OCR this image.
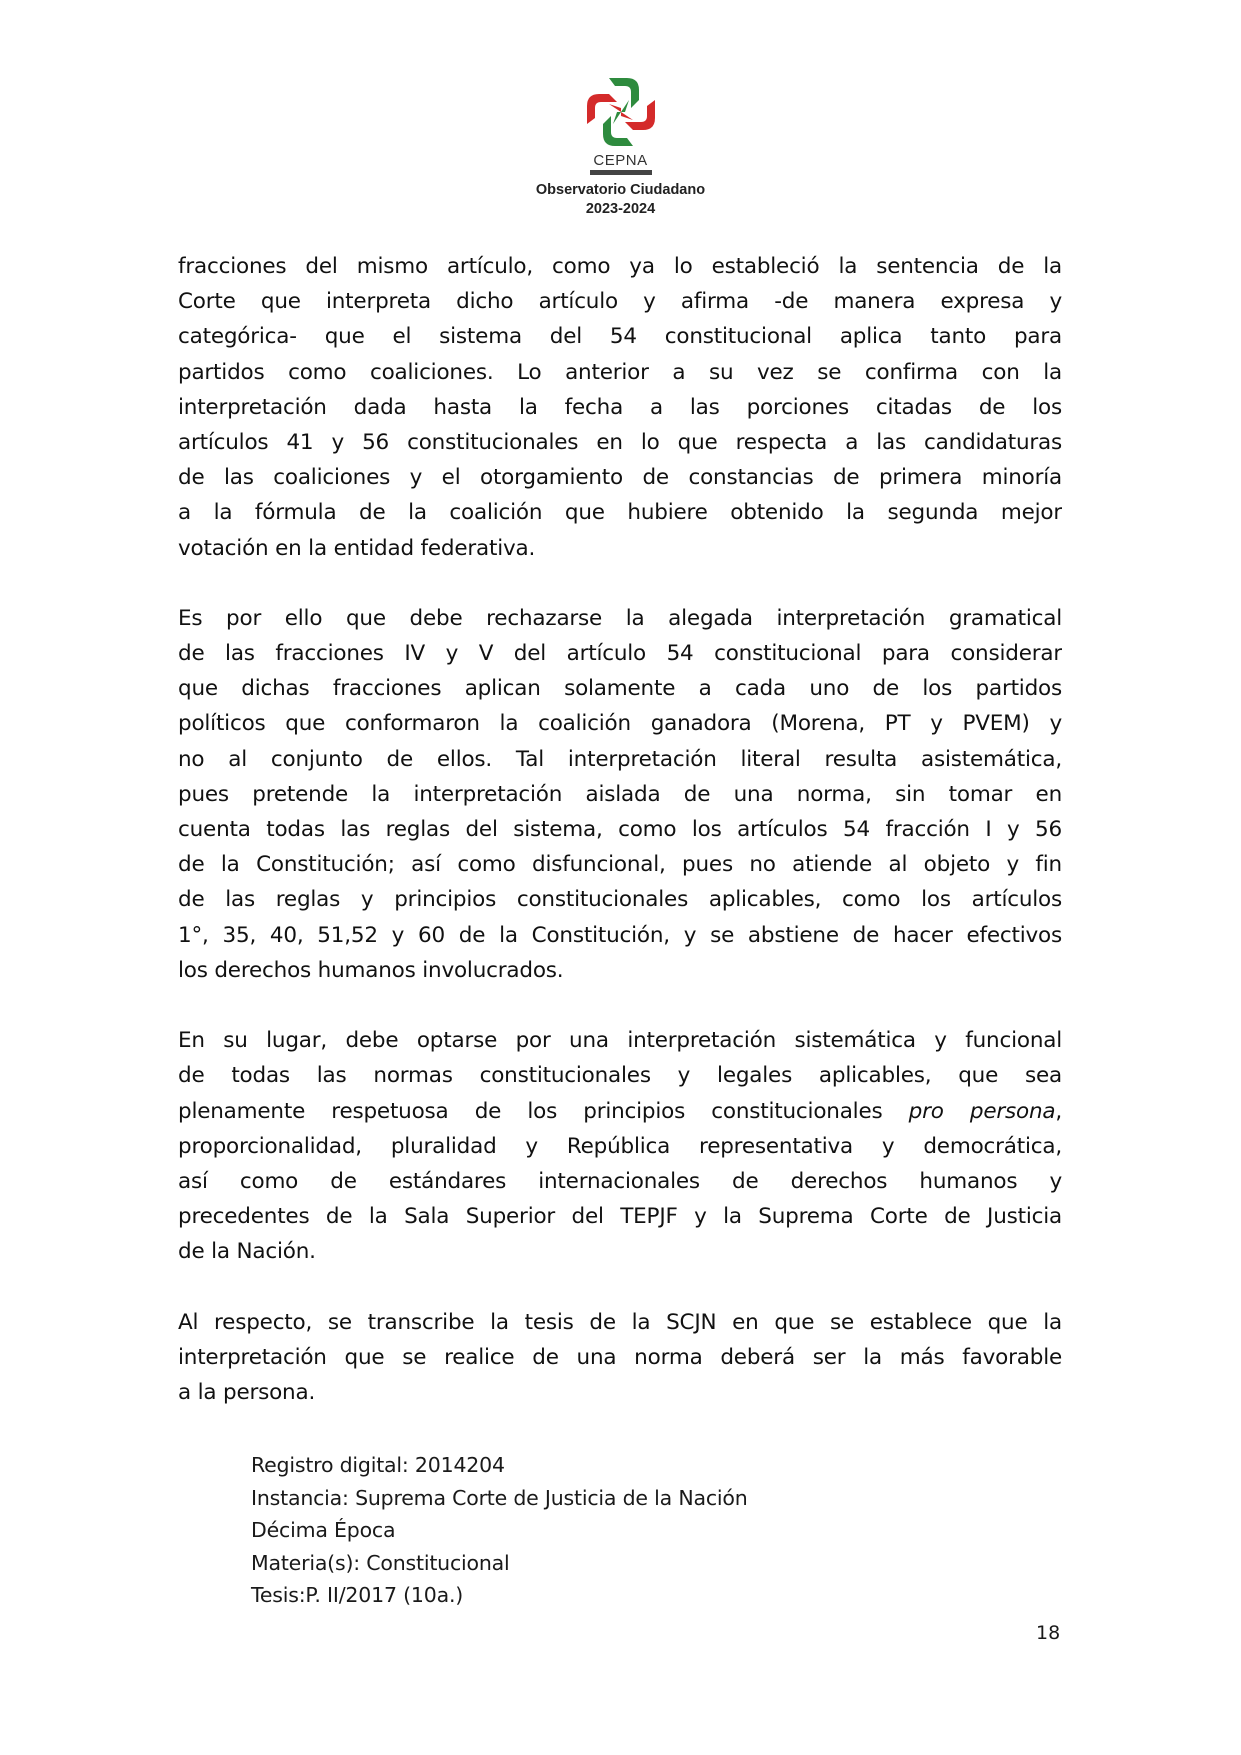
CEPNA
Observatorio Ciudadano
2023-2024
fracciones del mismo artículo, como ya lo estableció la sentencia de la
Corte que interpreta dicho artículo y afirma -de manera expresa y
categórica- que el sistema del 54 constitucional aplica tanto para
partidos como coaliciones. Lo anterior a su vez se confirma con la
interpretación dada hasta la fecha a las porciones citadas de los
artículos 41 y 56 constitucionales en lo que respecta a las candidaturas
de las coaliciones y el otorgamiento de constancias de primera minoría
a la fórmula de la coalición que hubiere obtenido la segunda mejor
votación en la entidad federativa.
Es por ello que debe rechazarse la alegada interpretación gramatical
de las fracciones IV y V del artículo 54 constitucional para considerar
que dichas fracciones aplican solamente a cada uno de los partidos
políticos que conformaron la coalición ganadora (Morena, PT y PVEM) y
no al conjunto de ellos. Tal interpretación literal resulta asistemática,
pues pretende la interpretación aislada de una norma, sin tomar en
cuenta todas las reglas del sistema, como los artículos 54 fracción I y 56
de la Constitución; así como disfuncional, pues no atiende al objeto y fin
de las reglas y principios constitucionales aplicables, como los artículos
1°, 35, 40, 51,52 y 60 de la Constitución, y se abstiene de hacer efectivos
los derechos humanos involucrados.
En su lugar, debe optarse por una interpretación sistemática y funcional
de todas las normas constitucionales y legales aplicables, que sea
plenamente respetuosa de los principios constitucionales pro persona,
proporcionalidad, pluralidad y República representativa y democrática,
así como de estándares internacionales de derechos humanos y
precedentes de la Sala Superior del TEPJF y la Suprema Corte de Justicia
de la Nación.
Al respecto, se transcribe la tesis de la SCJN en que se establece que la
interpretación que se realice de una norma deberá ser la más favorable
a la persona.
Registro digital: 2014204
Instancia: Suprema Corte de Justicia de la Nación
Décima Época
Materia(s): Constitucional
Tesis:P. II/2017 (10a.)
18
